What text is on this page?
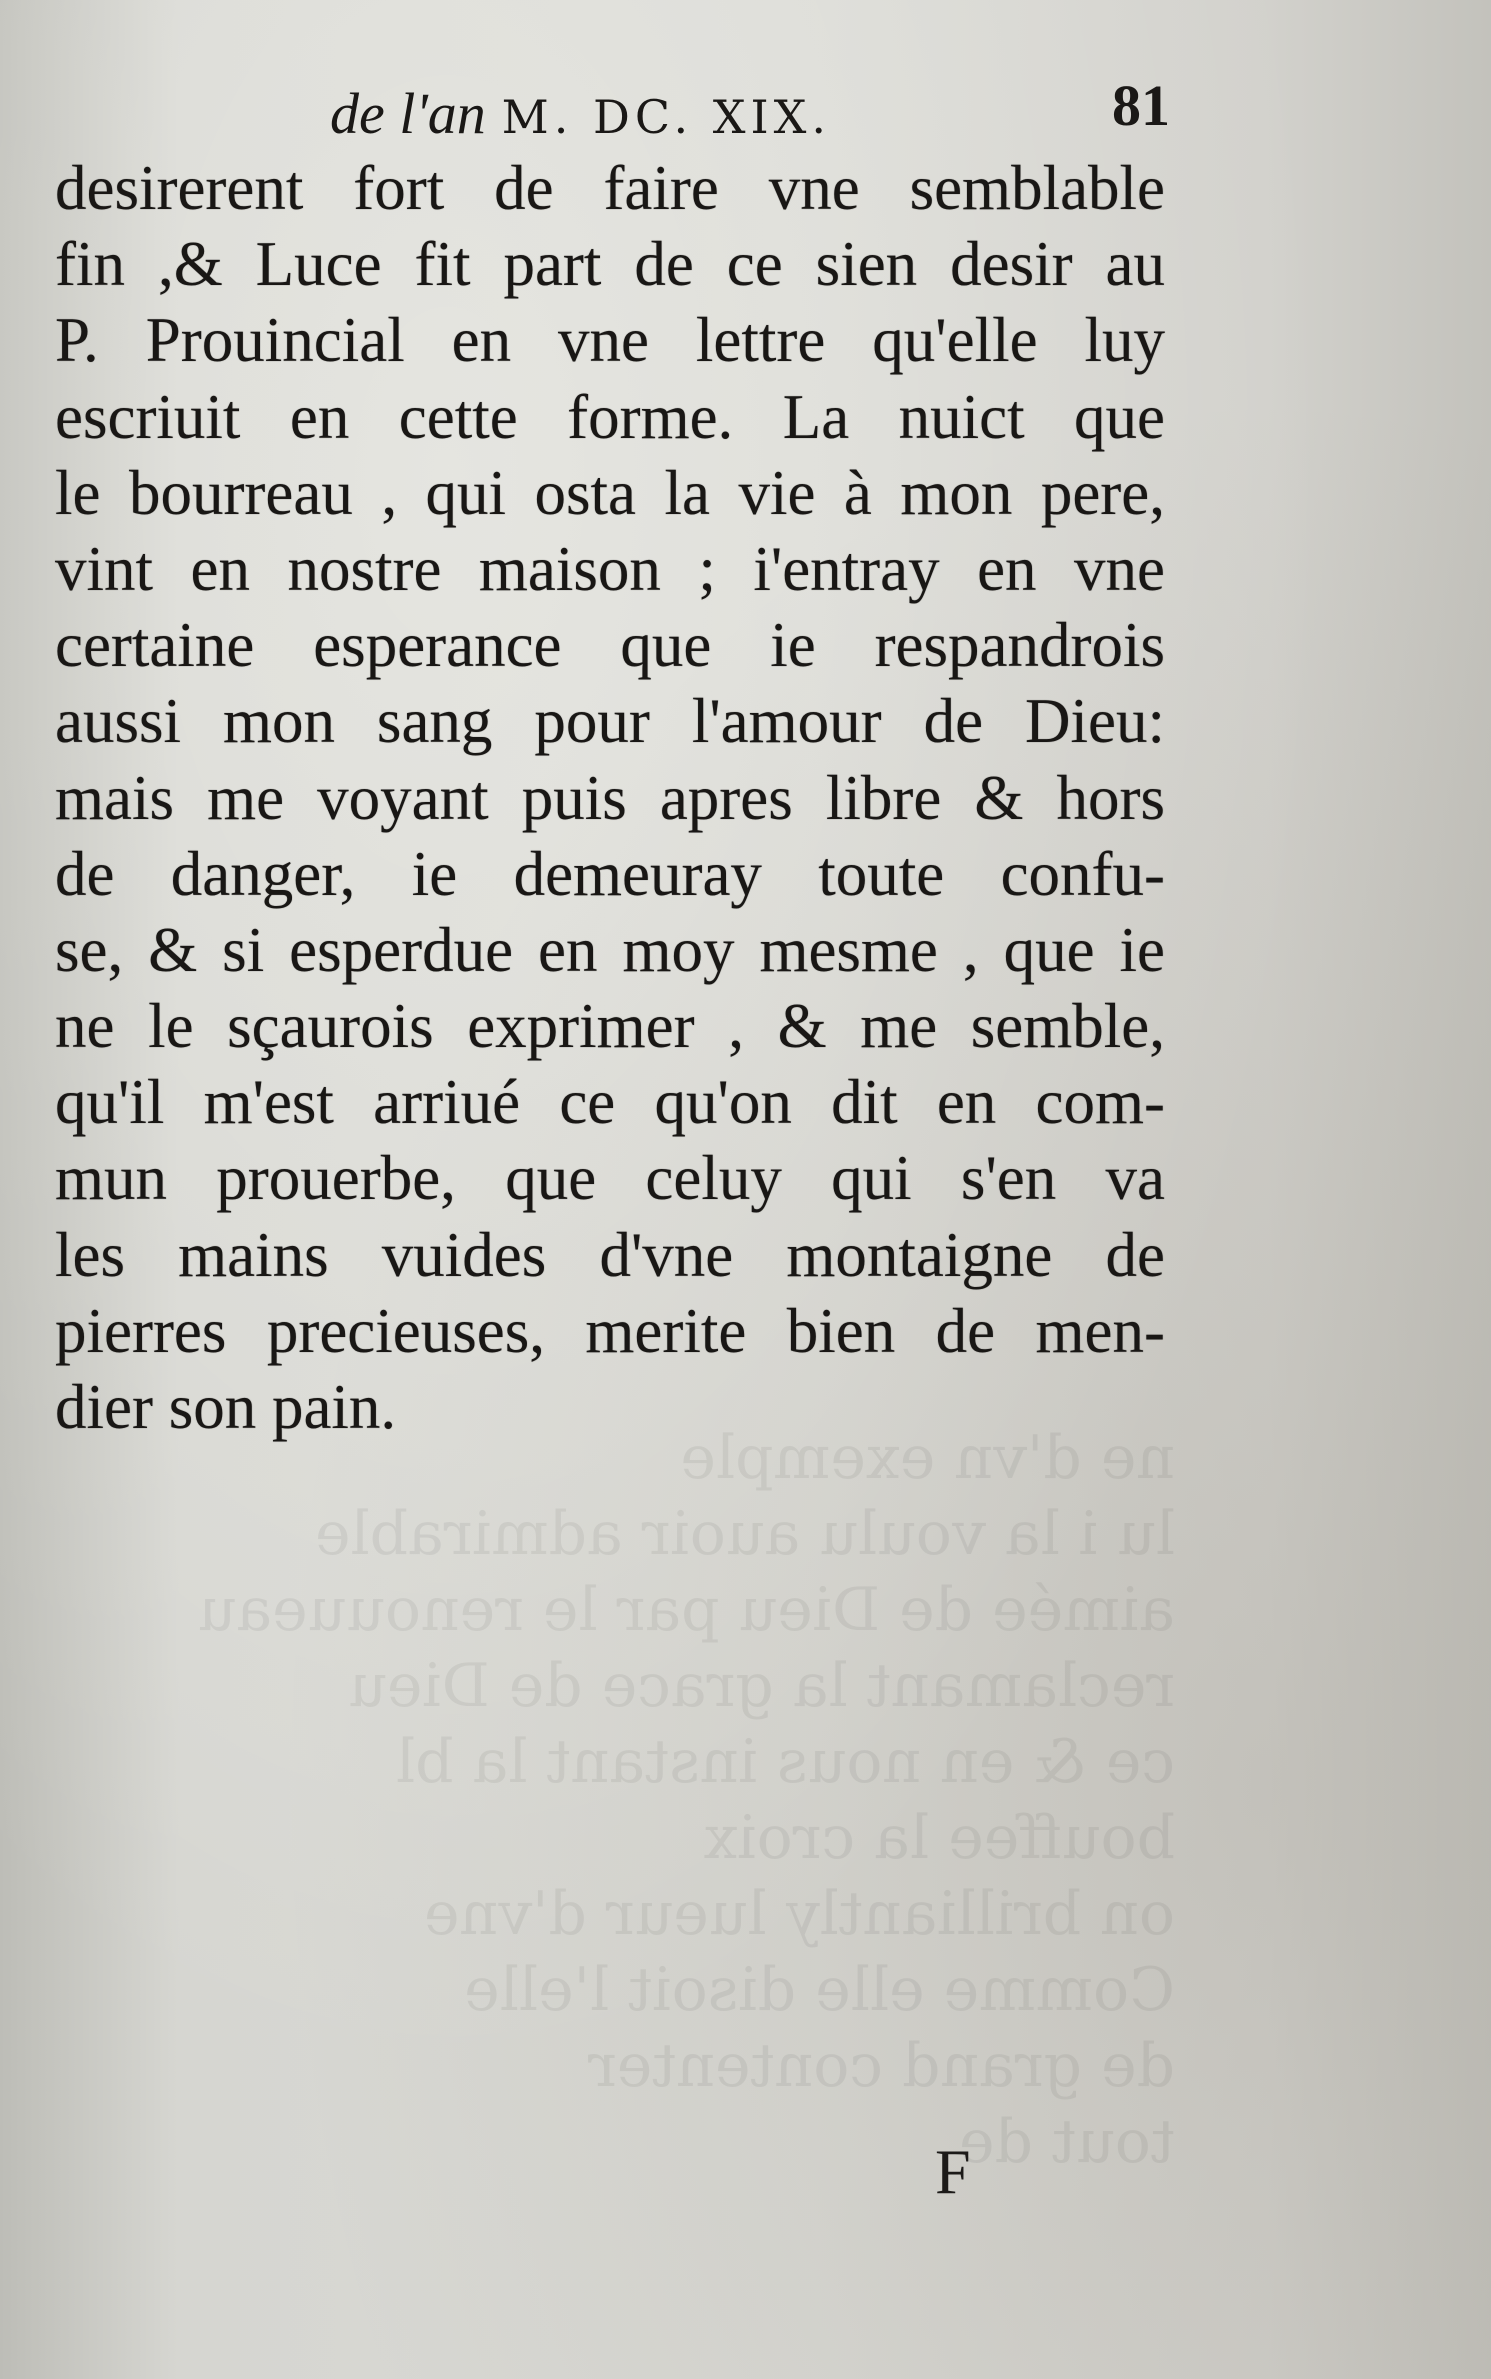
ne d'vn exemple
lu i la voulu auoir admirable
aimée de Dieu par le renouueau
reclamant la grace de Dieu
ce & en nous instant la bl
bouffee la croix
on brilliantly lueur d'vne
Comme elle disoit l'elle
de grand contenter
tout de
de l'an M. DC. XIX.	81
desirerent fort de faire vne semblable
fin ,& Luce fit part de ce sien desir au
P. Prouincial en vne lettre qu'elle luy
escriuit en cette forme. La nuict que
le bourreau , qui osta la vie à mon pere,
vint en nostre maison ; i'entray en vne
certaine esperance que ie respandrois
aussi mon sang pour l'amour de Dieu:
mais me voyant puis apres libre & hors
de danger, ie demeuray toute confu-
se, & si esperdue en moy mesme , que ie
ne le sçaurois exprimer , & me semble,
qu'il m'est arriué ce qu'on dit en com-
mun prouerbe, que celuy qui s'en va
les mains vuides d'vne montaigne de
pierres precieuses, merite bien de men-
dier son pain.
F
